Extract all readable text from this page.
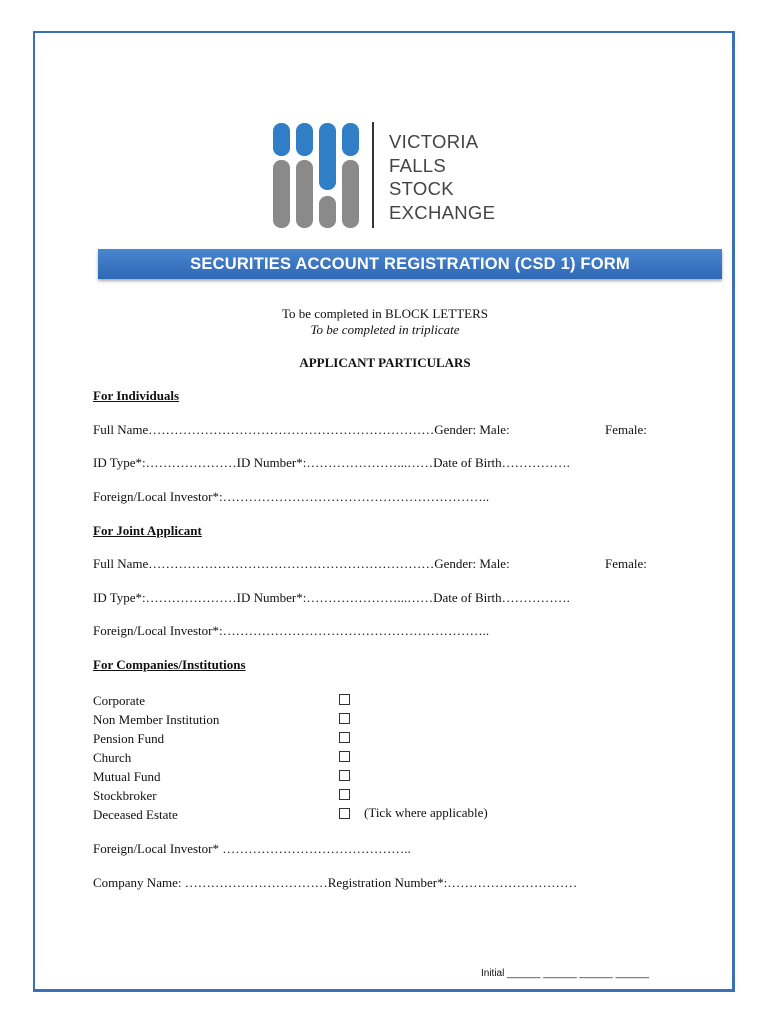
VICTORIA
FALLS
STOCK
EXCHANGE
SECURITIES ACCOUNT REGISTRATION (CSD 1) FORM
To be completed in BLOCK LETTERS
To be completed in triplicate
APPLICANT PARTICULARS
For Individuals
Full Name…………………………………………………………Gender: Male:	Female:
ID Type*:…………………ID Number*:…………………...……Date of Birth…………….
Foreign/Local Investor*:……………………………………………………..
For Joint Applicant
Full Name…………………………………………………………Gender: Male:	Female:
ID Type*:…………………ID Number*:…………………...……Date of Birth…………….
Foreign/Local Investor*:……………………………………………………..
For Companies/Institutions
Corporate
Non Member Institution
Pension Fund
Church
Mutual Fund
Stockbroker
Deceased Estate	(Tick where applicable)
Foreign/Local Investor* ……………………………………..
Company Name: ……………………………Registration Number*:…………………………
Initial ______ ______ ______ ______
